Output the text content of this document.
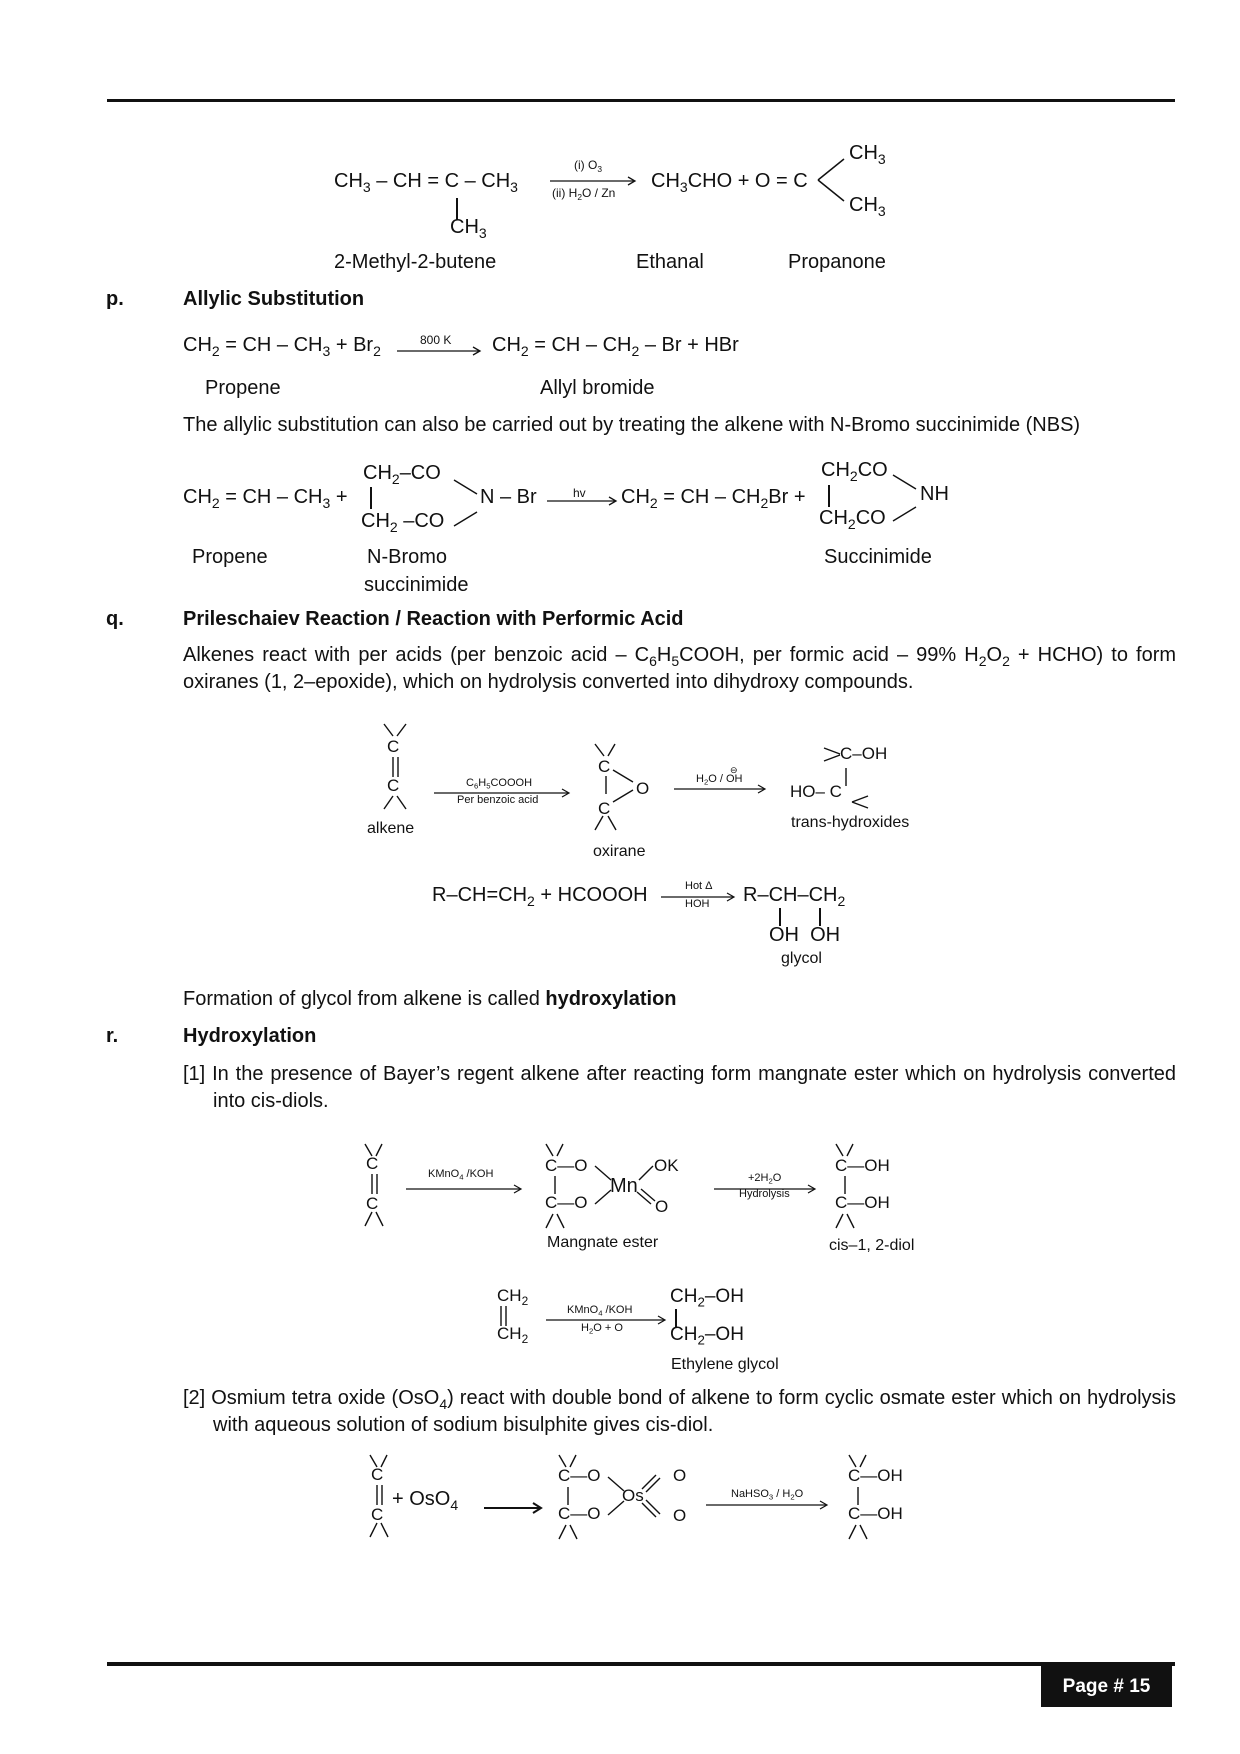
$CH_3$ – CH = C – $CH_3$
$CH_3$
(i) $O_3$
(ii) $H_2O$ / Zn
$CH_3CHO + O = C$
$CH_3$
$CH_3$
2-Methyl-2-butene	Ethanal	Propanone
p.	Allylic Substitution
$CH_2$ = CH – $CH_3 + Br_2$
800 K $CH_2$ = CH – $CH_2$ – Br + HBr
Propene	Allyl bromide
The allylic substitution can also be carried out by treating the alkene with N-Bromo succinimide (NBS)
$CH_2$ = CH – $CH_3$ +
$CH_2-CO$
$CH_2$ –CO
N – Br	hv $CH_2$ = CH – $CH_2Br$ +
$CH_2CO$
$CH_2CO$
NH
Propene	N-Bromo
succinimide
Succinimide
q.	Prileschaiev Reaction / Reaction with Performic Acid
Alkenes react with per acids (per benzoic acid – $C_6H_5COOH$, per formic acid – 99% $H_2O_2$ + HCHO) to form oxiranes (1, 2–epoxide), which on hydrolysis converted into dihydroxy compounds.
C
C
alkene
$C_6H_5COOOH$
Per benzoic acid
C
O
C
oxirane
⊖
$H_2O$ / OH
C–OH
HO– C
trans-hydroxides
$R-CH=CH_2$ + HCOOOH	Hot Δ
HOH $R-CH-CH_2$
OH  OH
glycol
Formation of glycol from alkene is called hydroxylation
r.	Hydroxylation
[1] In the presence of Bayer’s regent alkene after reacting form mangnate ester which on hydrolysis converted into cis-diols.
C
C
KMnO$_4$ /KOH	C—O
C—O
Mn
OK
O
Mangnate ester
$+2H_2O$
Hydrolysis
C—OH
C—OH
cis–1, 2-diol
$CH_2$
$CH_2$
KMnO$_4$ /KOH
$H_2O + O$
$CH_2-OH$
$CH_2-OH$
Ethylene glycol
[2] Osmium tetra oxide (OsO$_4$) react with double bond of alkene to form cyclic osmate ester which on hydrolysis with aqueous solution of sodium bisulphite gives cis-diol.
C
C
+ OsO$_4$
C—O
C—O
Os
O
O
NaHSO$_3$ / $H_2O$
C—OH
C—OH
Page # 15
